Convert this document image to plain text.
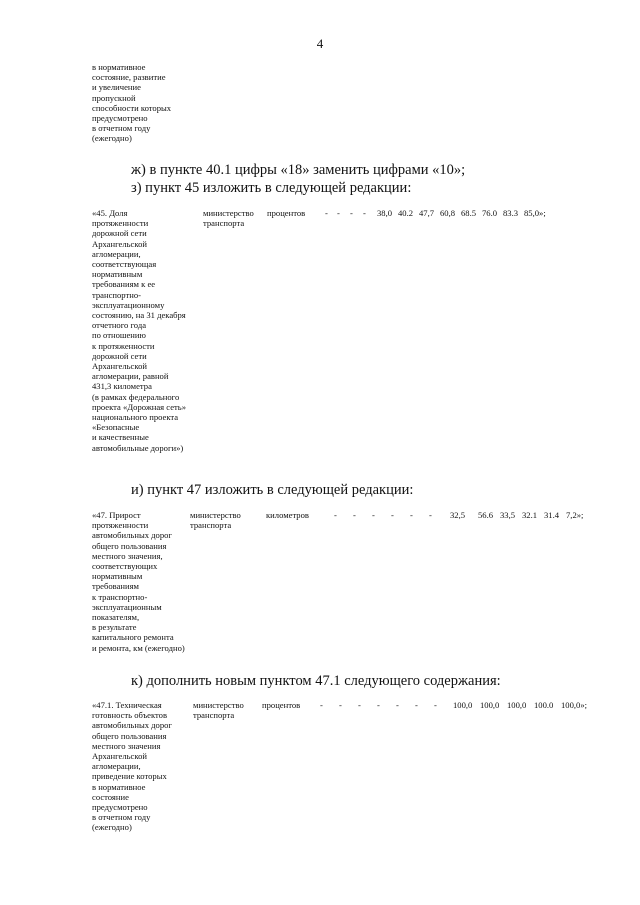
4
в нормативное
состояние, развитие
и увеличение
пропускной
способности которых
предусмотрено
в отчетном году
(ежегодно)
ж) в пункте 40.1 цифры «18» заменить цифрами «10»;
з) пункт 45 изложить в следующей редакции:
«45. Доля
протяженности
дорожной сети
Архангельской
агломерации,
соответствующая
нормативным
требованиям к ее
транспортно-
эксплуатационному
состоянию, на 31 декабря
отчетного года
по отношению
к протяженности
дорожной сети
Архангельской
агломерации, равной
431,3 километра
(в рамках федерального
проекта «Дорожная сеть»
национального проекта
«Безопасные
и качественные
автомобильные дороги»)
министерство
транспорта
процентов	-	-	-	-	38,0 40.2 47,7 60,8 68.5 76.0 83.3 85,0»;
и) пункт 47 изложить в следующей редакции:
«47. Прирост
протяженности
автомобильных дорог
общего пользования
местного значения,
соответствующих
нормативным
требованиям
к транспортно-
эксплуатационным
показателям,
в результате
капитального ремонта
и ремонта, км (ежегодно)
министерство
транспорта
километров	-	-	-	-	-	-	32,5	56.6 33,5 32.1 31.4 7,2»;
к) дополнить новым пунктом 47.1 следующего содержания:
«47.1. Техническая
готовность объектов
автомобильных дорог
общего пользования
местного значения
Архангельской
агломерации,
приведение которых
в нормативное
состояние
предусмотрено
в отчетном году
(ежегодно)
министерство
транспорта
процентов	-	-	-	-	-	-	-	100,0 100,0 100,0 100.0 100,0»;
